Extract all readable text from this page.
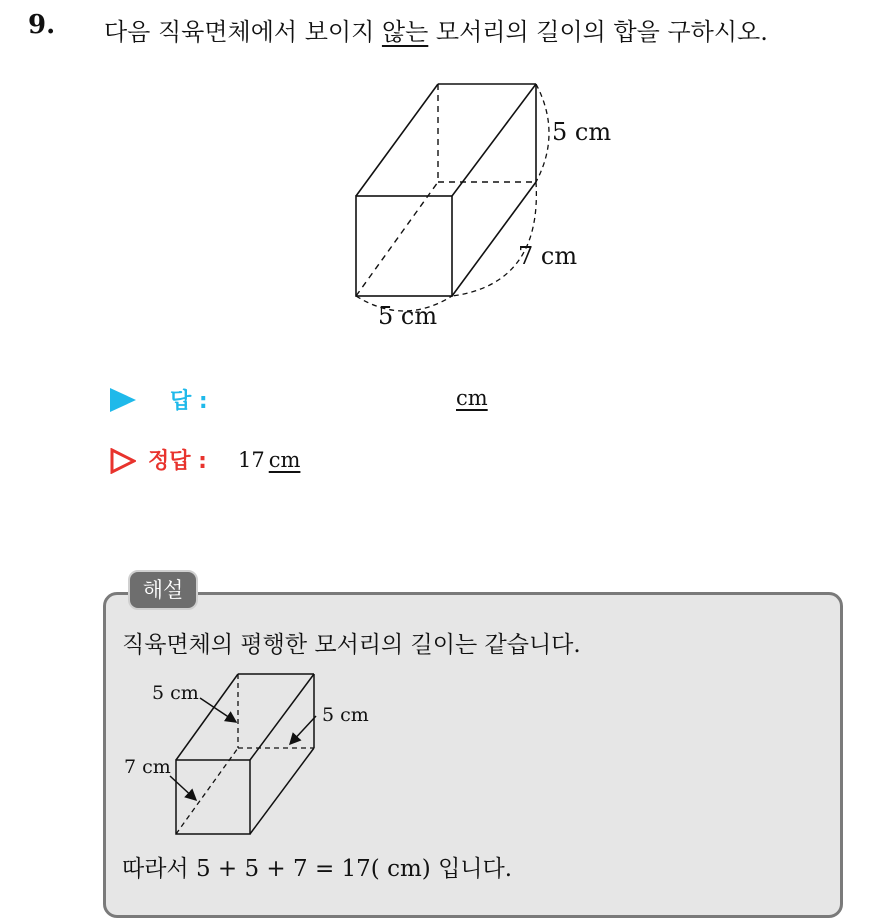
9. 다음 직육면체에서 보이지 않는 모서리의 길이의 합을 구하시오.
5 cm
7 cm
5 cm
답 :	cm
정답 : 17 cm
해설
직육면체의 평행한 모서리의 길이는 같습니다.
5 cm
5 cm
7 cm
따라서 5 + 5 + 7 = 17( cm) 입니다.
